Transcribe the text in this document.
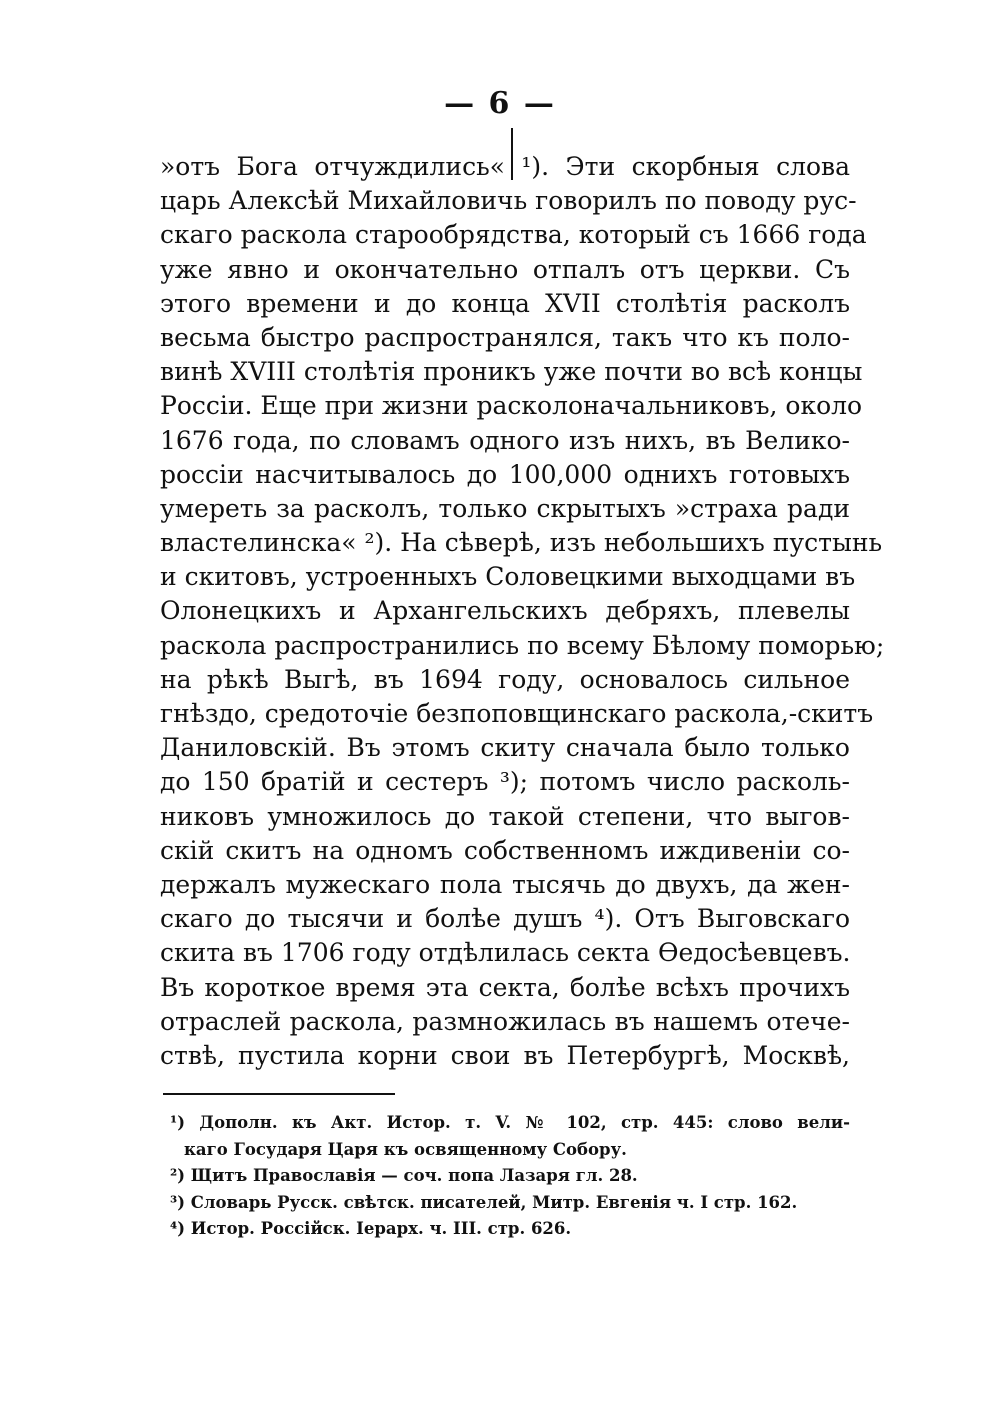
— 6 —
»отъ Бога отчуждились« ¹). Эти скорбныя слова
царь Алексѣй Михайловичь говорилъ по поводу рус-
скаго раскола старообрядства, который съ 1666 года
уже явно и окончательно отпалъ отъ церкви. Съ
этого времени и до конца XVII столѣтія расколъ
весьма быстро распространялся, такъ что къ поло-
винѣ XVIII столѣтія проникъ уже почти во всѣ концы
Россіи. Еще при жизни расколоначальниковъ, около
1676 года, по словамъ одного изъ нихъ, въ Велико-
россіи насчитывалось до 100,000 однихъ готовыхъ
умереть за расколъ, только скрытыхъ »страха ради
властелинска« ²). На сѣверѣ, изъ небольшихъ пустынь
и скитовъ, устроенныхъ Соловецкими выходцами въ
Олонецкихъ и Архангельскихъ дебряхъ, плевелы
раскола распространились по всему Бѣлому поморью;
на рѣкѣ Выгѣ, въ 1694 году, основалось сильное
гнѣздо, средоточіе безпоповщинскаго раскола,-скитъ
Даниловскій. Въ этомъ скиту сначала было только
до 150 братій и сестеръ ³); потомъ число расколь-
никовъ умножилось до такой степени, что выгов-
скій скитъ на одномъ собственномъ иждивеніи со-
держалъ мужескаго пола тысячь до двухъ, да жен-
скаго до тысячи и болѣе душъ ⁴). Отъ Выговскаго
скита въ 1706 году отдѣлилась секта Ѳедосѣевцевъ.
Въ короткое время эта секта, болѣе всѣхъ прочихъ
отраслей раскола, размножилась въ нашемъ отече-
ствѣ, пустила корни свои въ Петербургѣ, Москвѣ,
¹) Дополн. къ Акт. Истор. т. V. № 102, стр. 445: слово вели-
каго Государя Царя къ освященному Собору.
²) Щитъ Православія — соч. попа Лазаря гл. 28.
³) Словарь Русск. свѣтск. писателей, Митр. Евгенія ч. I стр. 162.
⁴) Истор. Россійск. Іерарх. ч. III. стр. 626.
